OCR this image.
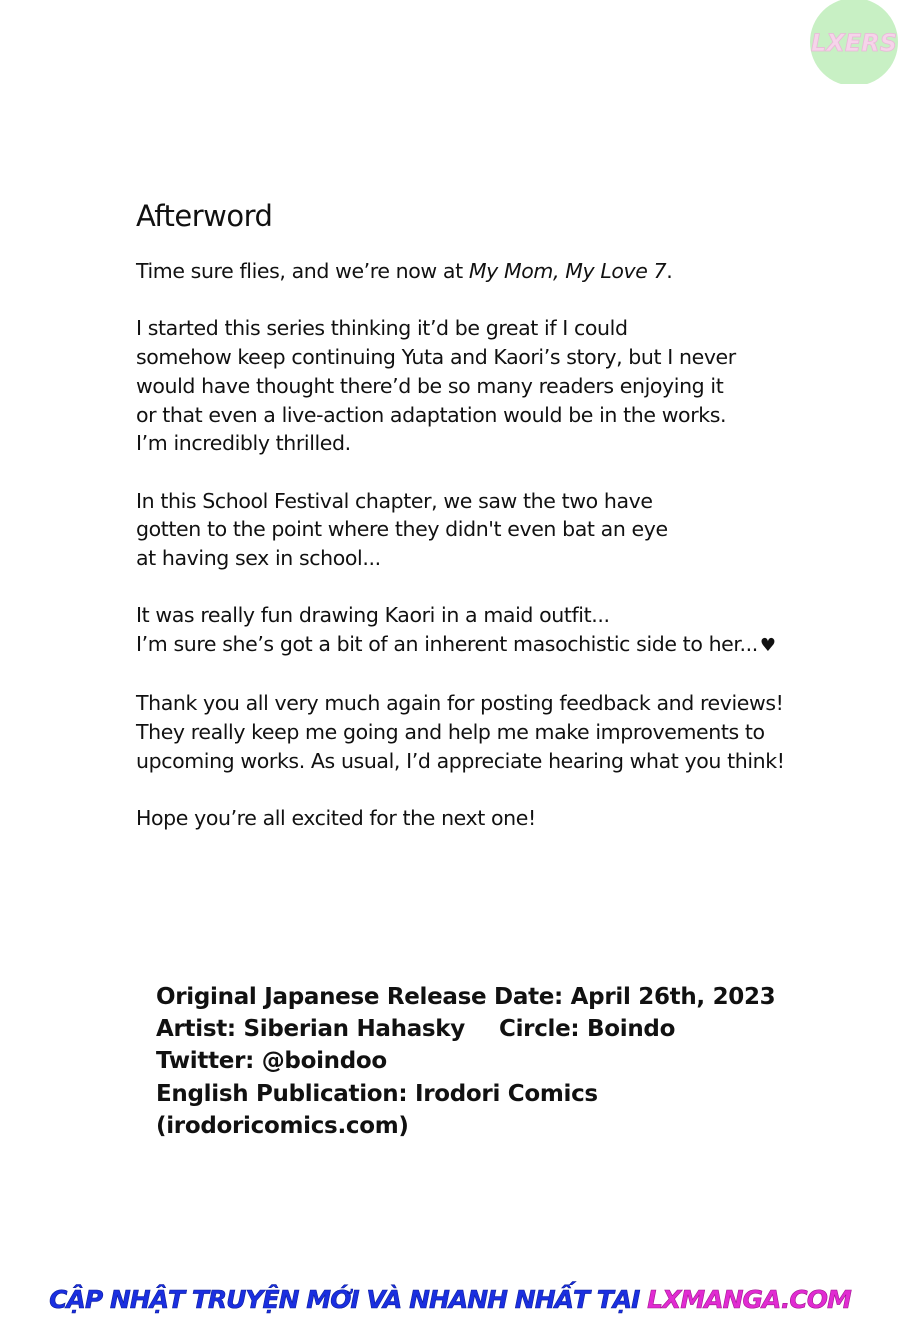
LXERS
Afterword

Time sure flies, and we’re now at My Mom, My Love 7.

I started this series thinking it’d be great if I could
somehow keep continuing Yuta and Kaori’s story, but I never
would have thought there’d be so many readers enjoying it
or that even a live-action adaptation would be in the works.
I’m incredibly thrilled.

In this School Festival chapter, we saw the two have
gotten to the point where they didn't even bat an eye
at having sex in school...

It was really fun drawing Kaori in a maid outfit...
I’m sure she’s got a bit of an inherent masochistic side to her... ♥

Thank you all very much again for posting feedback and reviews!
They really keep me going and help me make improvements to
upcoming works. As usual, I’d appreciate hearing what you think!

Hope you’re all excited for the next one!

Original Japanese Release Date: April 26th, 2023
Artist: Siberian Hahasky Circle: Boindo
Twitter: @boindoo
English Publication: Irodori Comics
(irodoricomics.com)
CẬP NHẬT TRUYỆN MỚI VÀ NHANH NHẤT TẠI LXMANGA.COM
